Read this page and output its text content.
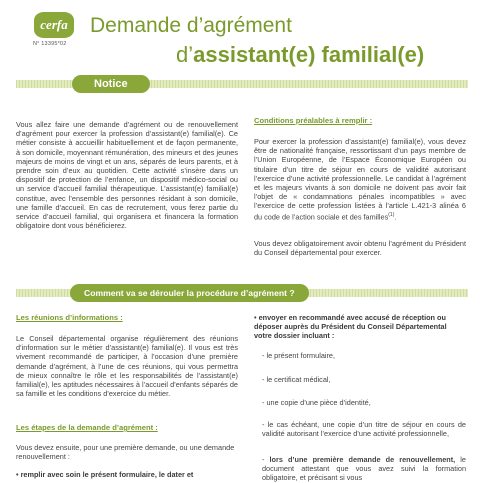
cerfa
N° 13395*02
Demande d’agrément
d’assistant(e) familial(e)
Notice
Vous allez faire une demande d’agrément ou de renouvellement d’agrément pour exercer la profession d’assistant(e) familial(e). Ce métier consiste à accueillir habituellement et de façon permanente, à son domicile, moyennant rémunération, des mineurs et des jeunes majeurs de moins de vingt et un ans, séparés de leurs parents, et à prendre soin d’eux au quotidien. Cette activité s’insère dans un dispositif de protection de l’enfance, un dispositif médico-social ou un service d’accueil familial thérapeutique. L’assistant(e) familial(e) constitue, avec l’ensemble des personnes résidant à son domicile, une famille d’accueil. En cas de recrutement, vous ferez partie du service d’accueil familial, qui organisera et financera la formation obligatoire dont vous bénéficierez.
Conditions préalables à remplir :
Pour exercer la profession d’assistant(e) familial(e), vous devez être de nationalité française, ressortissant d’un pays membre de l’Union Européenne, de l’Espace Économique Européen ou titulaire d’un titre de séjour en cours de validité autorisant l’exercice d’une activité professionnelle. Le candidat à l’agrément et les majeurs vivants à son domicile ne doivent pas avoir fait l’objet de « condamnations pénales incompatibles » avec l’exercice de cette profession listées à l’article L.421-3 alinéa 6 du code de l’action sociale et des familles$^{(1)}$.
Vous devez obligatoirement avoir obtenu l’agrément du Président du Conseil départemental pour exercer.
Comment va se dérouler la procédure d’agrément ?
Les réunions d’informations :
Le Conseil départemental organise régulièrement des réunions d’information sur le métier d’assistant(e) familial(e). Il vous est très vivement recommandé de participer, à l’occasion d’une première demande d’agrément, à l’une de ces réunions, qui vous permettra de mieux connaître le rôle et les responsabilités de l’assistant(e) familial(e), les aptitudes nécessaires à l’accueil d’enfants séparés de sa famille et les conditions d’exercice du métier.
Les étapes de la demande d’agrément :
Vous devez ensuite, pour une première demande, ou une demande renouvellement :
• remplir avec soin le présent formulaire, le dater et
• envoyer en recommandé avec accusé de réception ou déposer auprès du Président du Conseil Départemental votre dossier incluant :
- le présent formulaire,
- le certificat médical,
- une copie d’une pièce d’identité,
- le cas échéant, une copie d’un titre de séjour en cours de validité autorisant l’exercice d’une activité professionnelle,
- lors d’une première demande de renouvellement, le document attestant que vous avez suivi la formation obligatoire, et précisant si vous
